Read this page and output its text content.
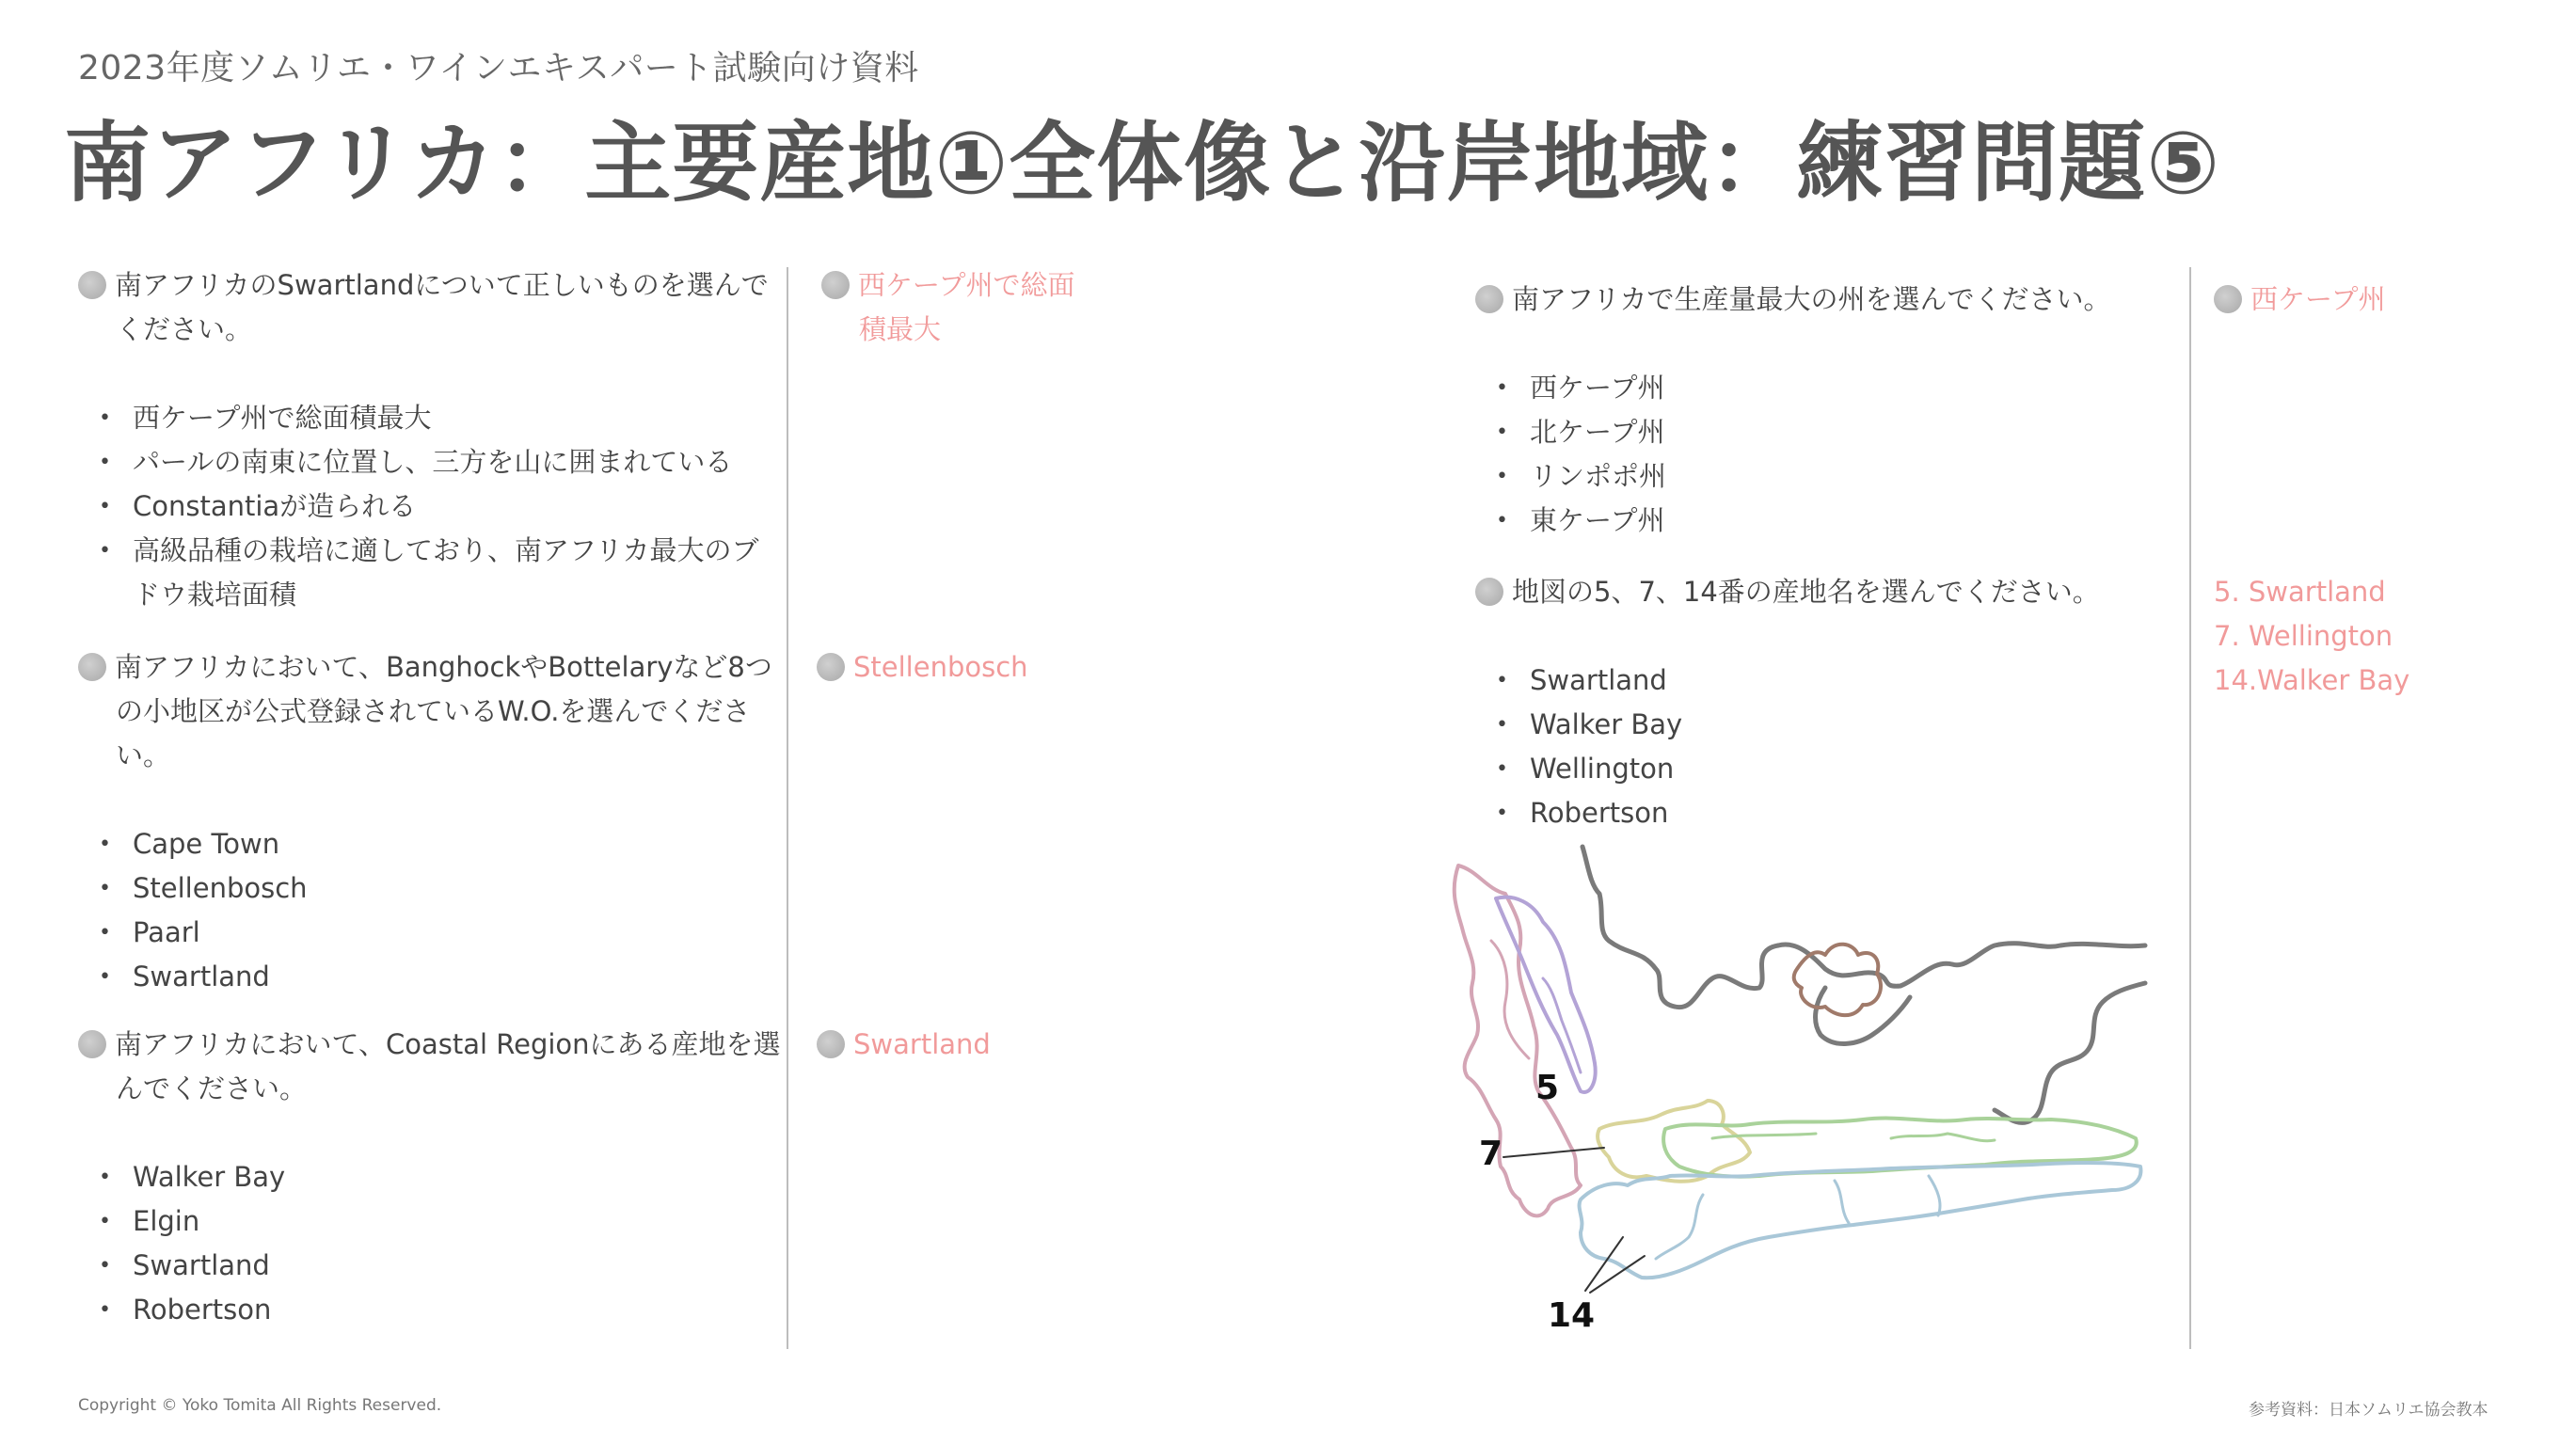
2023年度ソムリエ・ワインエキスパート試験向け資料
南アフリカ：主要産地①全体像と沿岸地域：練習問題⑤
南アフリカのSwartlandについて正しいものを選んでください。
• 西ケープ州で総面積最大
• パールの南東に位置し、三方を山に囲まれている
• Constantiaが造られる
• 高級品種の栽培に適しており、南アフリカ最大のブドウ栽培面積
西ケープ州で総面積最大
南アフリカにおいて、BanghockやBottelaryなど8つの小地区が公式登録されているW.O.を選んでください。
• Cape Town
• Stellenbosch
• Paarl
• Swartland
Stellenbosch
南アフリカにおいて、Coastal Regionにある産地を選んでください。
• Walker Bay
• Elgin
• Swartland
• Robertson
Swartland
南アフリカで生産量最大の州を選んでください。
• 西ケープ州
• 北ケープ州
• リンポポ州
• 東ケープ州
西ケープ州
地図の5、7、14番の産地名を選んでください。
• Swartland
• Walker Bay
• Wellington
• Robertson
5. Swartland
7. Wellington
14.Walker Bay
5
7
14
Copyright © Yoko Tomita All Rights Reserved.	参考資料：日本ソムリエ協会教本
